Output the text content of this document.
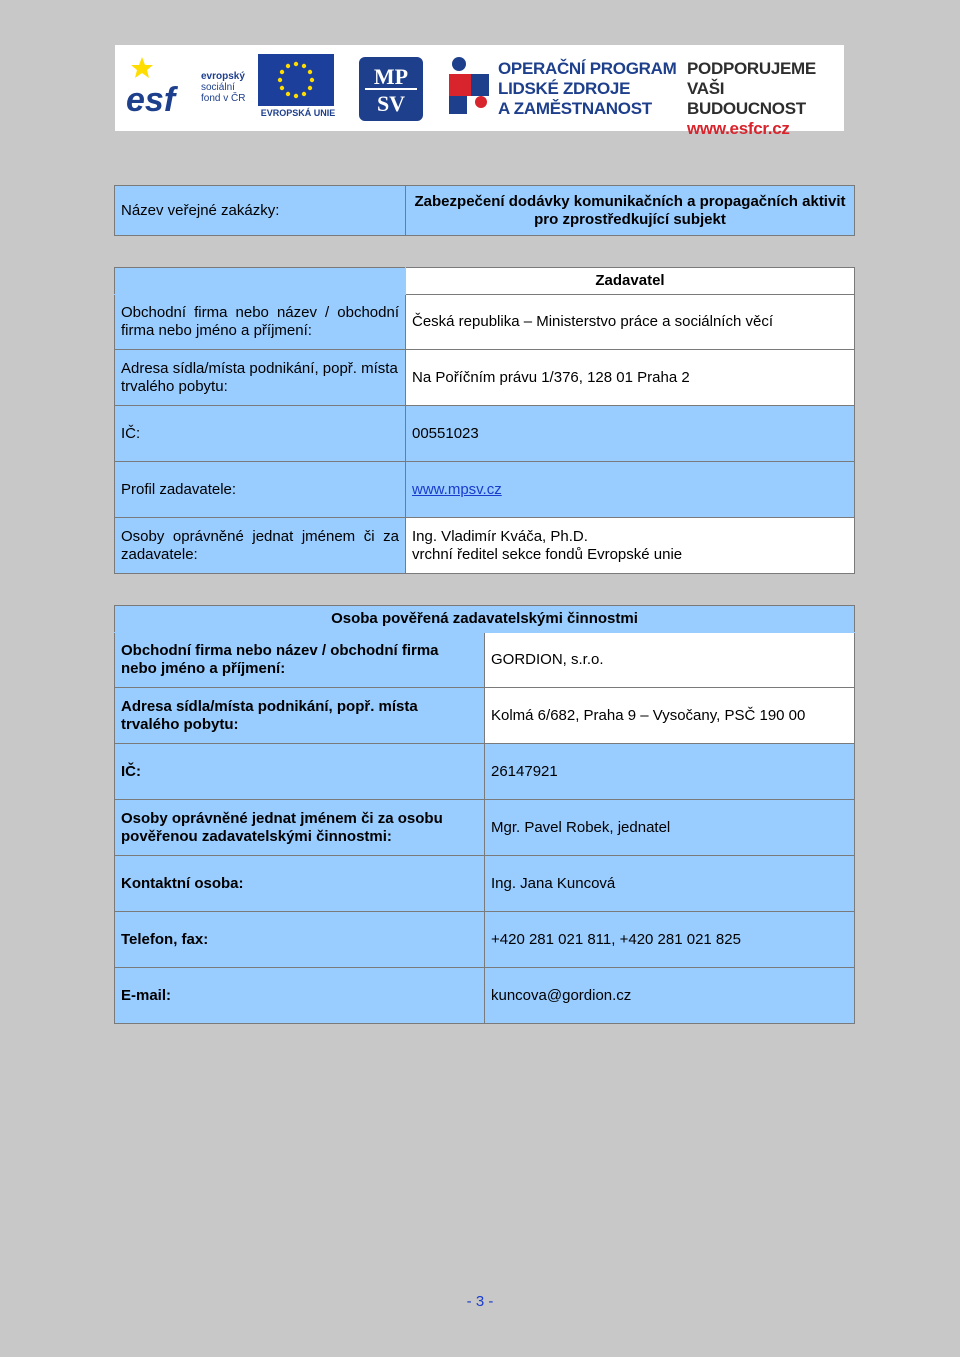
esf
evropský
sociální
fond v ČR
EVROPSKÁ UNIE
MP
SV
OPERAČNÍ PROGRAM
LIDSKÉ ZDROJE
A ZAMĚSTNANOST
PODPORUJEME
VAŠI BUDOUCNOST
www.esfcr.cz
Název veřejné zakázky:	Zabezpečení dodávky komunikačních a propagačních aktivit pro zprostředkující subjekt
	Zadavatel
Obchodní firma nebo název / obchodní firma nebo jméno a příjmení:	Česká republika – Ministerstvo práce a sociálních věcí
Adresa sídla/místa podnikání, popř. místa trvalého pobytu:	Na Poříčním právu 1/376, 128 01 Praha 2
IČ:	00551023
Profil zadavatele:	www.mpsv.cz
Osoby oprávněné jednat jménem či za zadavatele:	Ing. Vladimír Kváča, Ph.D.
vrchní ředitel sekce fondů Evropské unie
Osoba pověřená zadavatelskými činnostmi	
Obchodní firma nebo název / obchodní firma nebo jméno a příjmení:	GORDION, s.r.o.
Adresa sídla/místa podnikání, popř. místa trvalého pobytu:	Kolmá 6/682, Praha 9 – Vysočany, PSČ 190 00
IČ:	26147921
Osoby oprávněné jednat jménem či za osobu pověřenou zadavatelskými činnostmi:	Mgr. Pavel Robek, jednatel
Kontaktní osoba:	Ing. Jana Kuncová
Telefon, fax:	+420 281 021 811, +420 281 021 825
E-mail:	kuncova@gordion.cz
- 3 -
